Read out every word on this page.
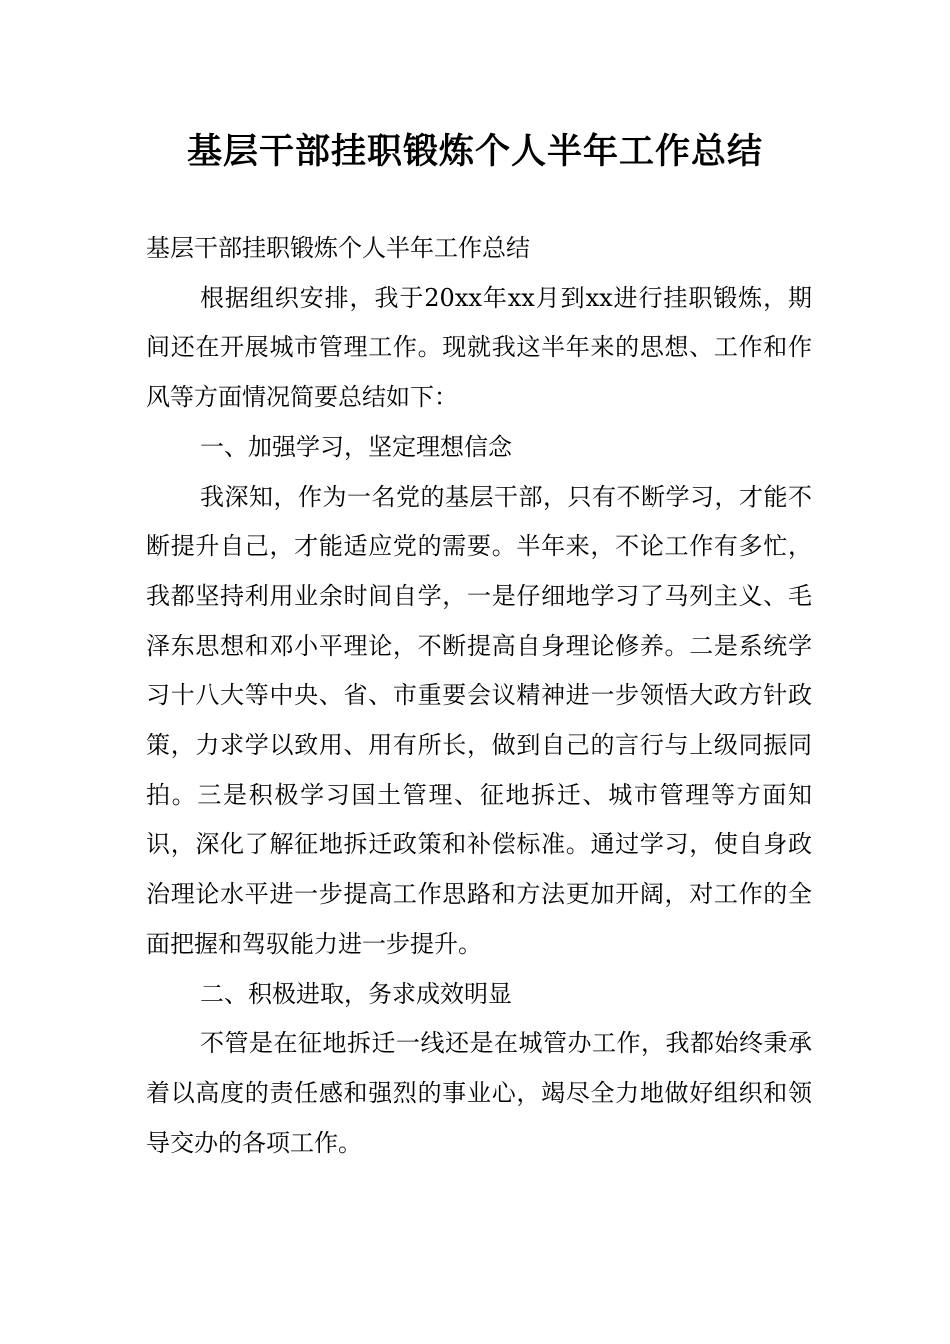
基层干部挂职锻炼个人半年工作总结

基层干部挂职锻炼个人半年工作总结

根据组织安排，我于20xx年xx月到xx进行挂职锻炼，期间还在开展城市管理工作。现就我这半年来的思想、工作和作风等方面情况简要总结如下：

一、加强学习，坚定理想信念

我深知，作为一名党的基层干部，只有不断学习，才能不断提升自己，才能适应党的需要。半年来，不论工作有多忙，我都坚持利用业余时间自学，一是仔细地学习了马列主义、毛泽东思想和邓小平理论，不断提高自身理论修养。二是系统学习十八大等中央、省、市重要会议精神进一步领悟大政方针政策，力求学以致用、用有所长，做到自己的言行与上级同振同拍。三是积极学习国土管理、征地拆迁、城市管理等方面知识，深化了解征地拆迁政策和补偿标准。通过学习，使自身政治理论水平进一步提高工作思路和方法更加开阔，对工作的全面把握和驾驭能力进一步提升。

二、积极进取，务求成效明显

不管是在征地拆迁一线还是在城管办工作，我都始终秉承着以高度的责任感和强烈的事业心，竭尽全力地做好组织和领导交办的各项工作。
